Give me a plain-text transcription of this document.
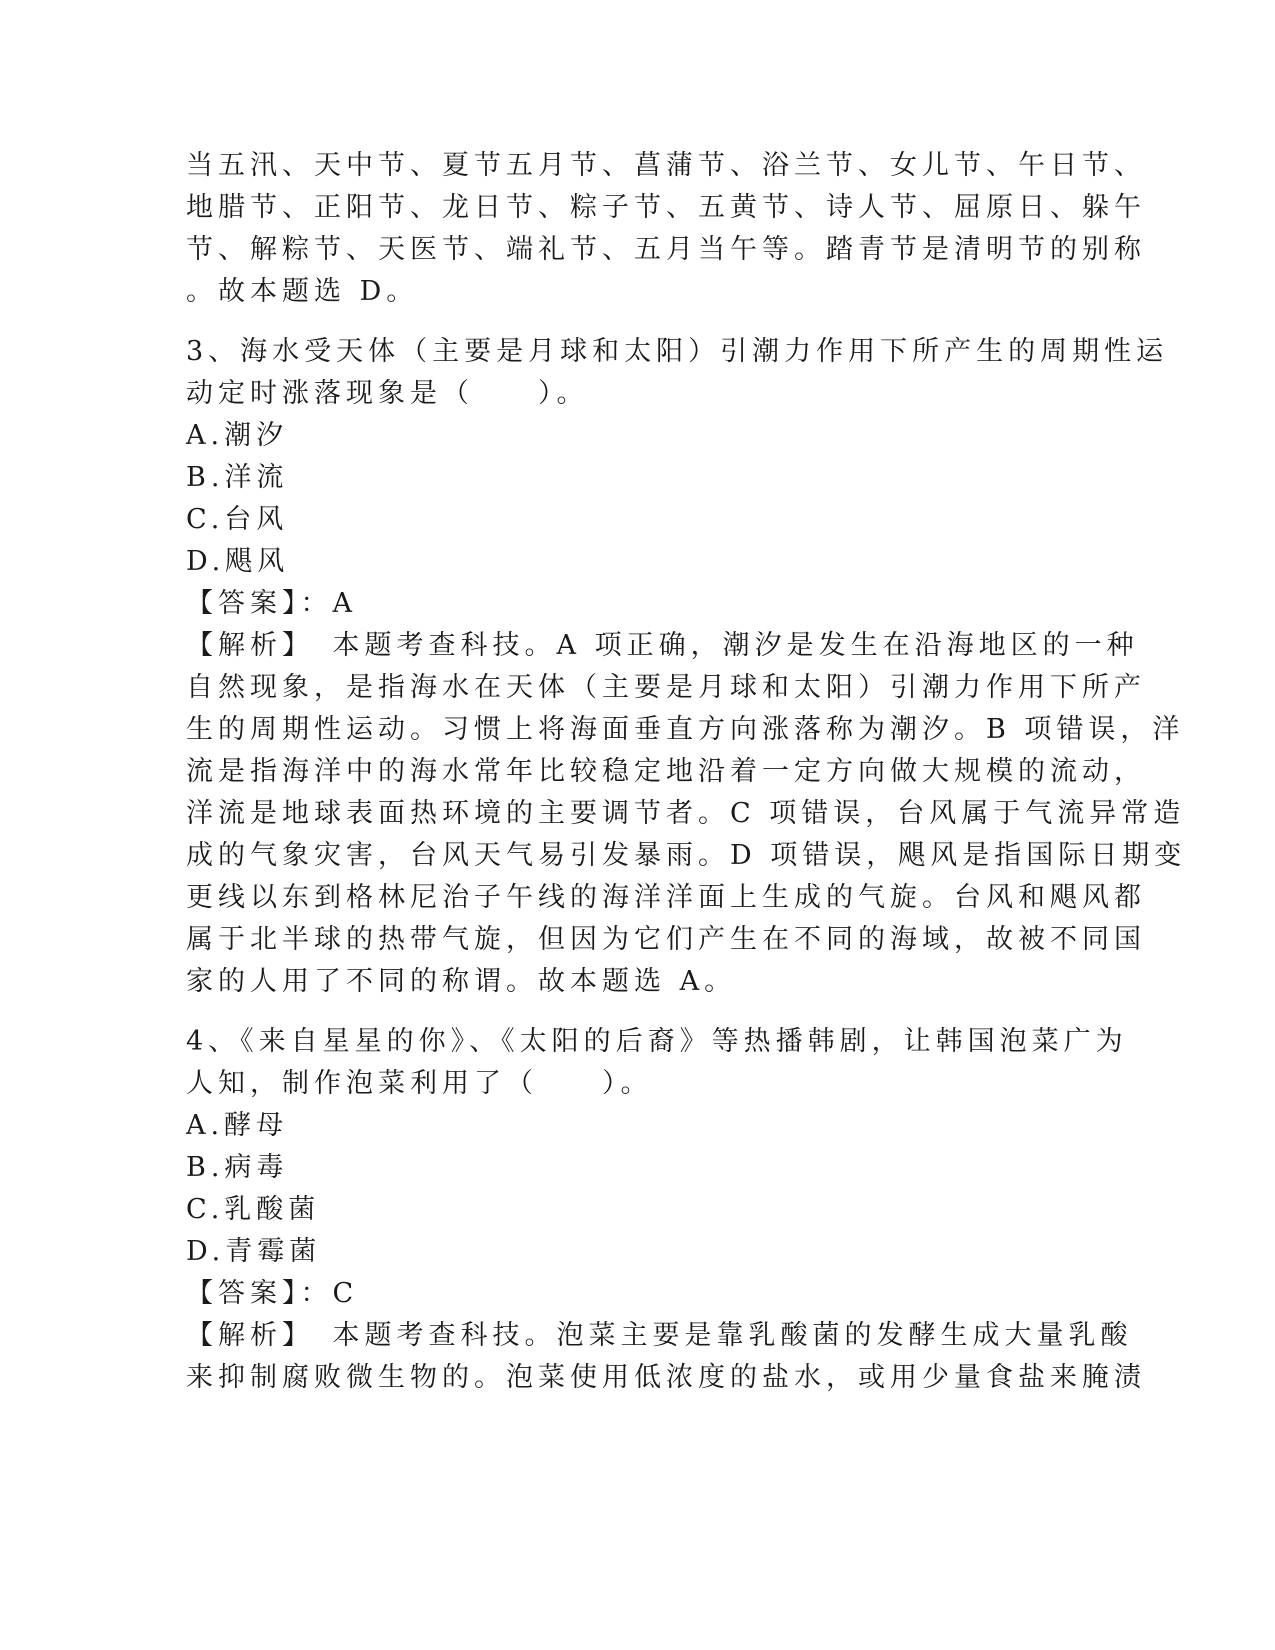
当五汛、天中节、夏节五月节、菖蒲节、浴兰节、女儿节、午日节、
地腊节、正阳节、龙日节、粽子节、五黄节、诗人节、屈原日、躲午
节、解粽节、天医节、端礼节、五月当午等。踏青节是清明节的别称
。故本题选 D。
3、海水受天体（主要是月球和太阳）引潮力作用下所产生的周期性运
动定时涨落现象是（　　）。
A.潮汐
B.洋流
C.台风
D.飓风
【答案】：A
【解析】　本题考查科技。A 项正确，潮汐是发生在沿海地区的一种
自然现象，是指海水在天体（主要是月球和太阳）引潮力作用下所产
生的周期性运动。习惯上将海面垂直方向涨落称为潮汐。B 项错误，洋
流是指海洋中的海水常年比较稳定地沿着一定方向做大规模的流动，
洋流是地球表面热环境的主要调节者。C 项错误，台风属于气流异常造
成的气象灾害，台风天气易引发暴雨。D 项错误，飓风是指国际日期变
更线以东到格林尼治子午线的海洋洋面上生成的气旋。台风和飓风都
属于北半球的热带气旋，但因为它们产生在不同的海域，故被不同国
家的人用了不同的称谓。故本题选 A。
4、《来自星星的你》、《太阳的后裔》等热播韩剧，让韩国泡菜广为
人知，制作泡菜利用了（　　）。
A.酵母
B.病毒
C.乳酸菌
D.青霉菌
【答案】：C
【解析】　本题考查科技。泡菜主要是靠乳酸菌的发酵生成大量乳酸
来抑制腐败微生物的。泡菜使用低浓度的盐水，或用少量食盐来腌渍
